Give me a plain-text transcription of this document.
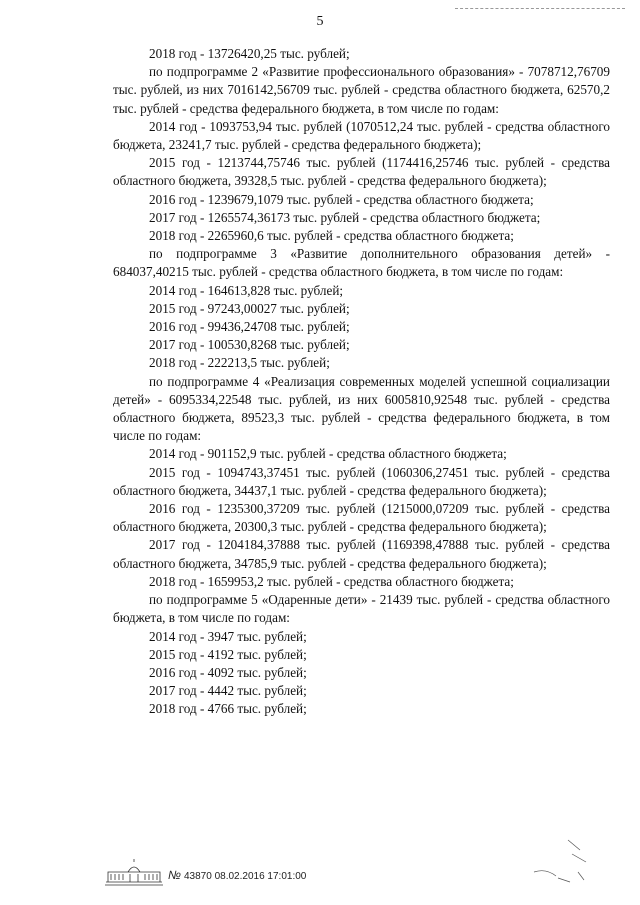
5

2018 год - 13726420,25 тыс. рублей;

по подпрограмме 2 «Развитие профессионального образования» - 7078712,76709 тыс. рублей, из них 7016142,56709 тыс. рублей - средства областного бюджета, 62570,2 тыс. рублей - средства федерального бюджета, в том числе по годам:

2014 год - 1093753,94 тыс. рублей (1070512,24 тыс. рублей - средства областного бюджета, 23241,7 тыс. рублей - средства федерального бюджета);

2015 год - 1213744,75746 тыс. рублей (1174416,25746 тыс. рублей - средства областного бюджета, 39328,5 тыс. рублей - средства федерального бюджета);

2016 год - 1239679,1079 тыс. рублей - средства областного бюджета;

2017 год - 1265574,36173 тыс. рублей - средства областного бюджета;

2018 год - 2265960,6 тыс. рублей - средства областного бюджета;

по подпрограмме 3 «Развитие дополнительного образования детей» - 684037,40215 тыс. рублей - средства областного бюджета, в том числе по годам:

2014 год - 164613,828 тыс. рублей;

2015 год - 97243,00027 тыс. рублей;

2016 год - 99436,24708 тыс. рублей;

2017 год - 100530,8268 тыс. рублей;

2018 год - 222213,5 тыс. рублей;

по подпрограмме 4 «Реализация современных моделей успешной социализации детей» - 6095334,22548 тыс. рублей, из них 6005810,92548 тыс. рублей - средства областного бюджета, 89523,3 тыс. рублей - средства федерального бюджета, в том числе по годам:

2014 год - 901152,9 тыс. рублей - средства областного бюджета;

2015 год - 1094743,37451 тыс. рублей (1060306,27451 тыс. рублей - средства областного бюджета, 34437,1 тыс. рублей - средства федерального бюджета);

2016 год - 1235300,37209 тыс. рублей (1215000,07209 тыс. рублей - средства областного бюджета, 20300,3 тыс. рублей - средства федерального бюджета);

2017 год - 1204184,37888 тыс. рублей (1169398,47888 тыс. рублей - средства областного бюджета, 34785,9 тыс. рублей - средства федерального бюджета);

2018 год - 1659953,2 тыс. рублей - средства областного бюджета;

по подпрограмме 5 «Одаренные дети» - 21439 тыс. рублей - средства областного бюджета, в том числе по годам:

2014 год - 3947 тыс. рублей;

2015 год - 4192 тыс. рублей;

2016 год - 4092 тыс. рублей;

2017 год - 4442 тыс. рублей;

2018 год - 4766 тыс. рублей;

№ 43870 08.02.2016 17:01:00
